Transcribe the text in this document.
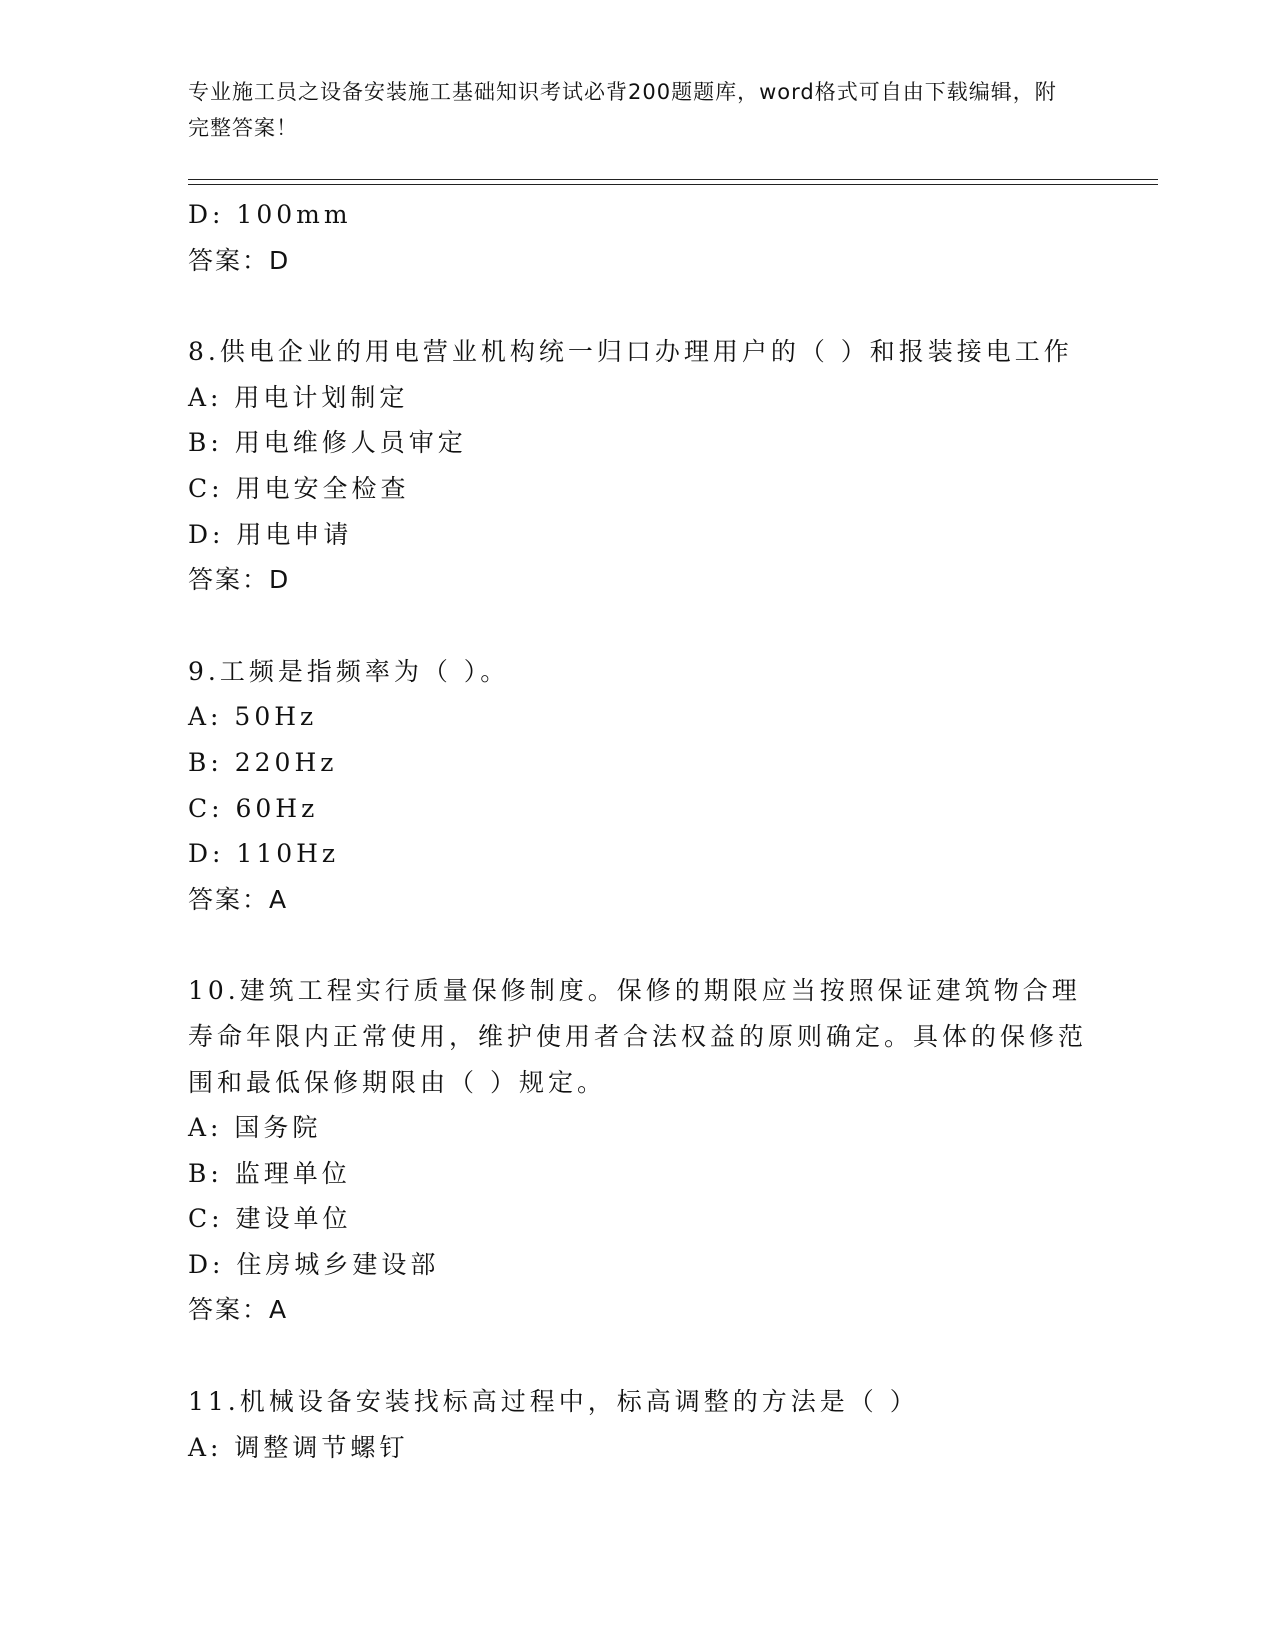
专业施工员之设备安装施工基础知识考试必背200题题库，word格式可自由下载编辑，附完整答案！
D: 100mm
答案：D
8.供电企业的用电营业机构统一归口办理用户的（ ）和报装接电工作
A: 用电计划制定
B: 用电维修人员审定
C: 用电安全检查
D: 用电申请
答案：D
9.工频是指频率为（ ）。
A: 50Hz
B: 220Hz
C: 60Hz
D: 110Hz
答案：A
10.建筑工程实行质量保修制度。保修的期限应当按照保证建筑物合理寿命年限内正常使用，维护使用者合法权益的原则确定。具体的保修范围和最低保修期限由（ ）规定。
A: 国务院
B: 监理单位
C: 建设单位
D: 住房城乡建设部
答案：A
11.机械设备安装找标高过程中，标高调整的方法是（ ）
A: 调整调节螺钉
